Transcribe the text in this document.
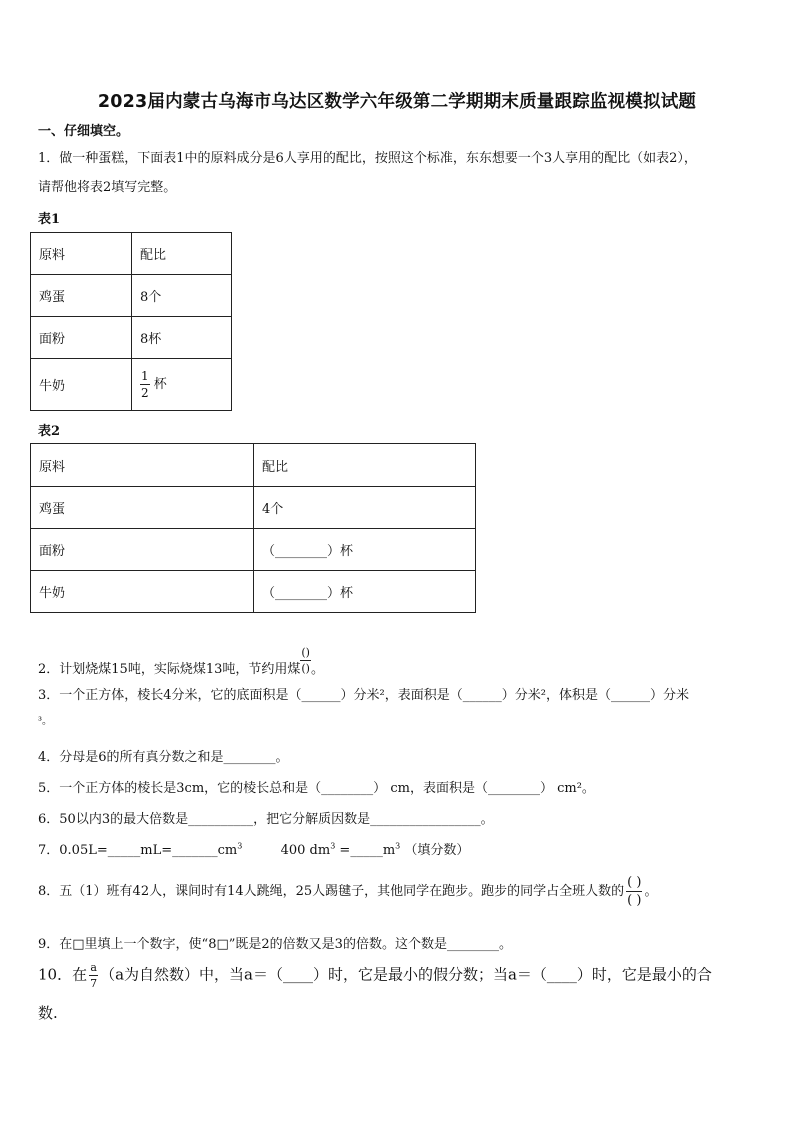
2023届内蒙古乌海市乌达区数学六年级第二学期期末质量跟踪监视模拟试题
一、仔细填空。
1．做一种蛋糕，下面表1中的原料成分是6人享用的配比，按照这个标准，东东想要一个3人享用的配比（如表2），
请帮他将表2填写完整。
表1
原料	配比
鸡蛋	8个
面粉	8杯
牛奶	$\frac{1}{2}$ 杯
表2
原料	配比
鸡蛋	4个
面粉	（________）杯
牛奶	（________）杯
2．计划烧煤15吨，实际烧煤13吨，节约用煤 $\frac{()}{()}$ 。
3．一个正方体，棱长4分米，它的底面积是（______）分米²，表面积是（______）分米²，体积是（______）分米
³。
4．分母是6的所有真分数之和是________。
5．一个正方体的棱长是3cm，它的棱长总和是（________） cm，表面积是（________） cm²。
6．50以内3的最大倍数是__________，把它分解质因数是_________________。
7．$0.05L=\_\_\_\_\_mL=\_\_\_\_\_\_\_cm^3$	400 $dm^3$ $=\_\_\_\_\_m^3$ （填分数）
8．五（1）班有42人，课间时有14人跳绳，25人踢毽子，其他同学在跑步。跑步的同学占全班人数的 $\frac{( )}{( )}$ 。
9．在□里填上一个数字，使“8□”既是2的倍数又是3的倍数。这个数是________。
10．在 $\frac{a}{7} (a$为自然数）中，当a＝（____）时，它是最小的假分数；当a＝（____）时，它是最小的合
数.
